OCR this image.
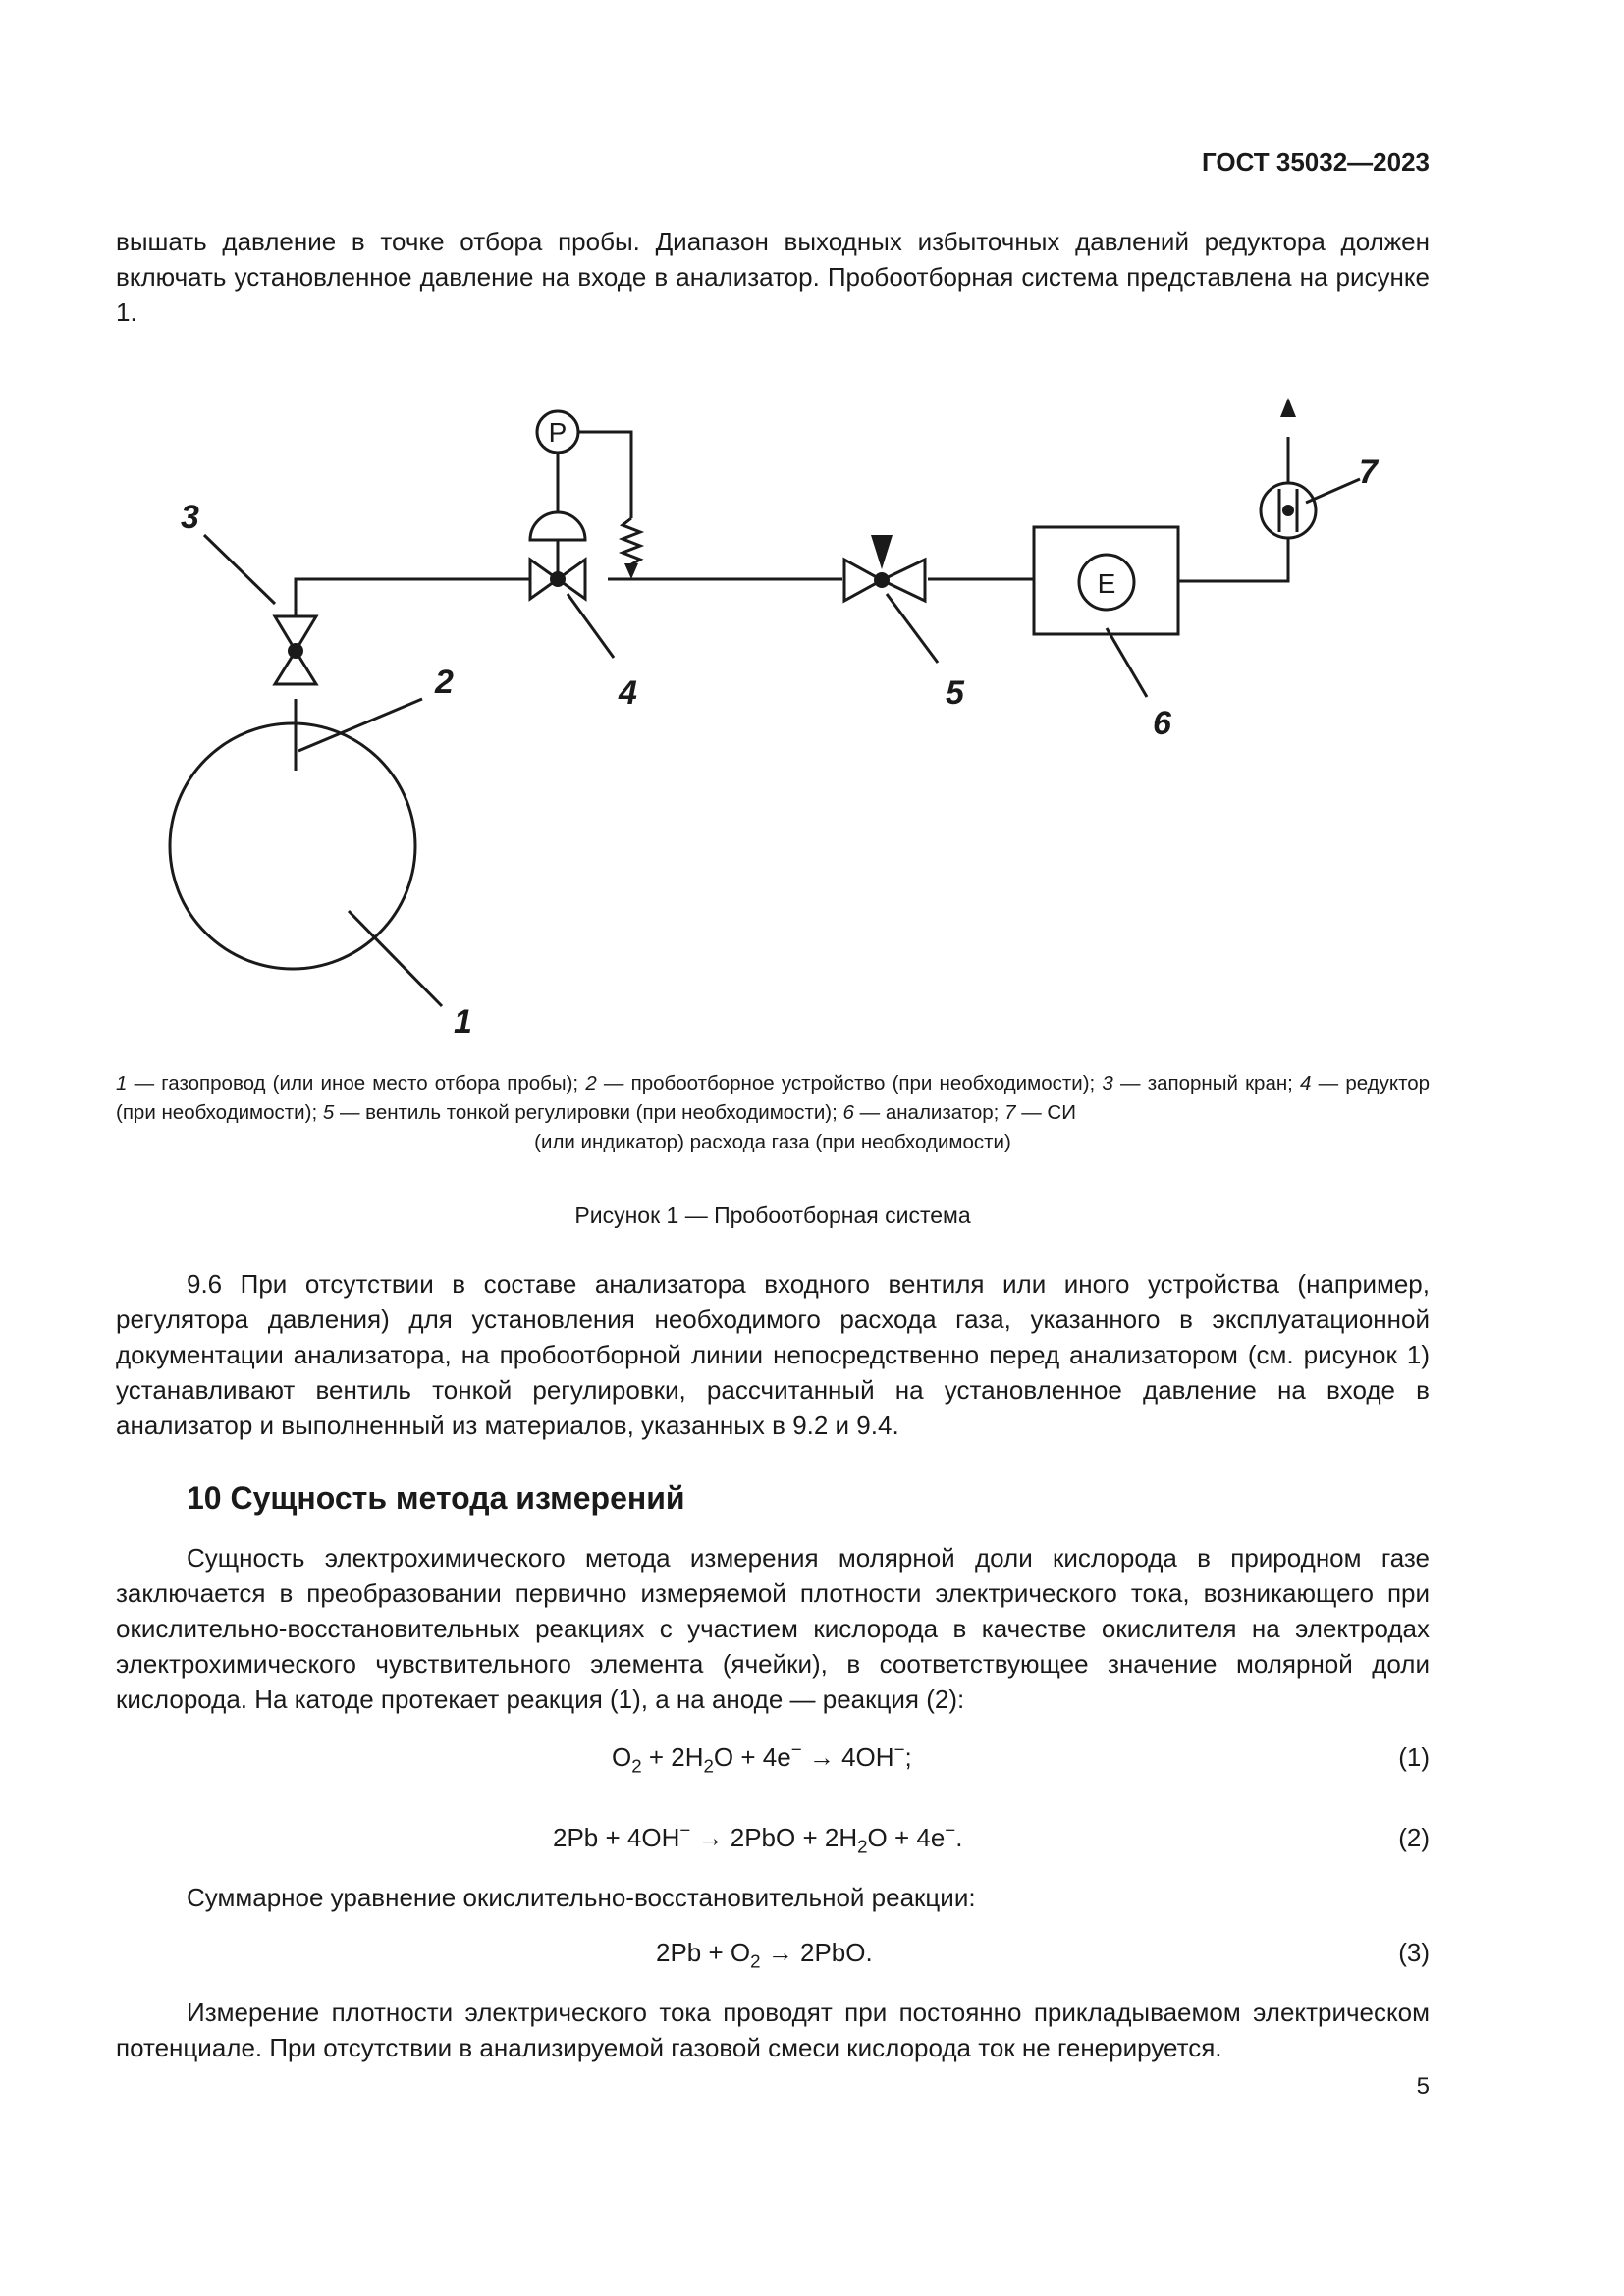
ГОСТ 35032—2023
вышать давление в точке отбора пробы. Диапазон выходных избыточных давлений редуктора должен включать установленное давление на входе в анализатор. Пробоотборная система представлена на рисунке 1.
3
2
1
4	5
6
7
P
E
1 — газопровод (или иное место отбора пробы); 2 — пробоотборное устройство (при необходимости); 3 — запорный кран; 4 — редуктор (при необходимости); 5 — вентиль тонкой регулировки (при необходимости); 6 — анализатор; 7 — СИ
(или индикатор) расхода газа (при необходимости)
Рисунок 1 — Пробоотборная система
9.6 При отсутствии в составе анализатора входного вентиля или иного устройства (например, регулятора давления) для установления необходимого расхода газа, указанного в эксплуатационной документации анализатора, на пробоотборной линии непосредственно перед анализатором (см. рисунок 1) устанавливают вентиль тонкой регулировки, рассчитанный на установленное давление на входе в анализатор и выполненный из материалов, указанных в 9.2 и 9.4.
10 Сущность метода измерений
Сущность электрохимического метода измерения молярной доли кислорода в природном газе заключается в преобразовании первично измеряемой плотности электрического тока, возникающего при окислительно-восстановительных реакциях с участием кислорода в качестве окислителя на электродах электрохимического чувствительного элемента (ячейки), в соответствующее значение молярной доли кислорода. На катоде протекает реакция (1), а на аноде — реакция (2):
$O_2 + 2H_2O + 4e^- \to 4OH^-$;	(1)
$2Pb + 4OH^- \to 2PbO + 2H_2O + 4e^-$.	(2)
Суммарное уравнение окислительно-восстановительной реакции:
$2Pb + O_2 \to 2PbO$.	(3)
Измерение плотности электрического тока проводят при постоянно прикладываемом электрическом потенциале. При отсутствии в анализируемой газовой смеси кислорода ток не генерируется.
5
